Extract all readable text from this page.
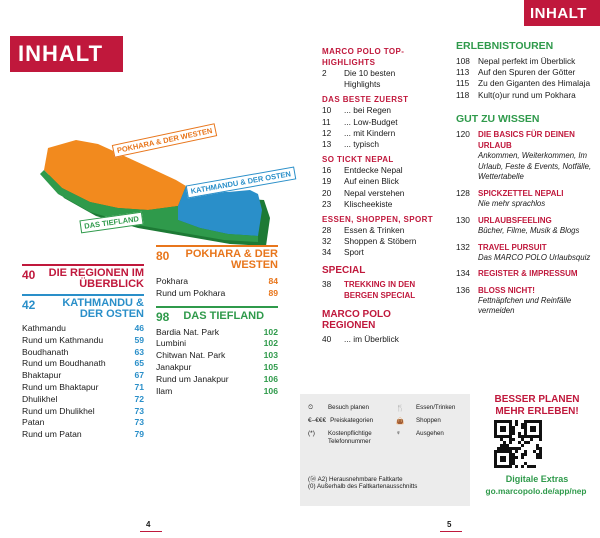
INHALT
INHALT
POKHARA & DER WESTEN
KATHMANDU & DER OSTEN
DAS TIEFLAND
40	DIE REGIONEN IM ÜBERBLICK
42	KATHMANDU & DER OSTEN
Kathmandu	46
Rund um Kathmandu	59
Boudhanath	63
Rund um Boudhanath	65
Bhaktapur	67
Rund um Bhaktapur	71
Dhulikhel	72
Rund um Dhulikhel	73
Patan	73
Rund um Patan	79
80	POKHARA & DER WESTEN
Pokhara	84
Rund um Pokhara	89
98 DAS TIEFLAND
Bardia Nat. Park	102
Lumbini	102
Chitwan Nat. Park	103
Janakpur	105
Rund um Janakpur	106
Ilam	106
4	5
MARCO POLO TOP-HIGHLIGHTS
2	Die 10 besten
Highlights
DAS BESTE ZUERST
10	... bei Regen
11	... Low-Budget
12	... mit Kindern
13	... typisch
SO TICKT NEPAL
16	Entdecke Nepal
19	Auf einen Blick
20	Nepal verstehen
23	Klischeekiste
ESSEN, SHOPPEN, SPORT
28	Essen & Trinken
32	Shoppen & Stöbern
34	Sport
SPECIAL
38	TREKKING IN DEN BERGEN SPECIAL
MARCO POLO REGIONEN
40	... im Überblick
ERLEBNISTOUREN
108 Nepal perfekt im Überblick
113	Auf den Spuren der Götter
115	Zu den Giganten des Himalaja
118	Kult(o)ur rund um Pokhara
GUT ZU WISSEN
120	DIE BASICS FÜR DEINEN URLAUB
Ankommen, Weiterkommen, Im Urlaub, Feste & Events, Notfälle, Wettertabelle
128	SPICKZETTEL NEPALI
Nie mehr sprachlos
130	URLAUBSFEELING
Bücher, Filme, Musik & Blogs
132	TRAVEL PURSUIT
Das MARCO POLO Urlaubsquiz
134	REGISTER & IMPRESSUM
136	BLOSS NICHT!
Fettnäpfchen und Reinfälle vermeiden
⏲	Besuch planen	🍴	Essen/Trinken
€–€€€ Preiskategorien	👜	Shoppen
(*)	Kostenpflichtige Telefonnummer
♆	Ausgehen
(㊿ A2) Herausnehmbare Faltkarte
(0) Außerhalb des Faltkartenausschnitts
BESSER PLANEN MEHR ERLEBEN!
Digitale Extras
go.marcopolo.de/app/nep
